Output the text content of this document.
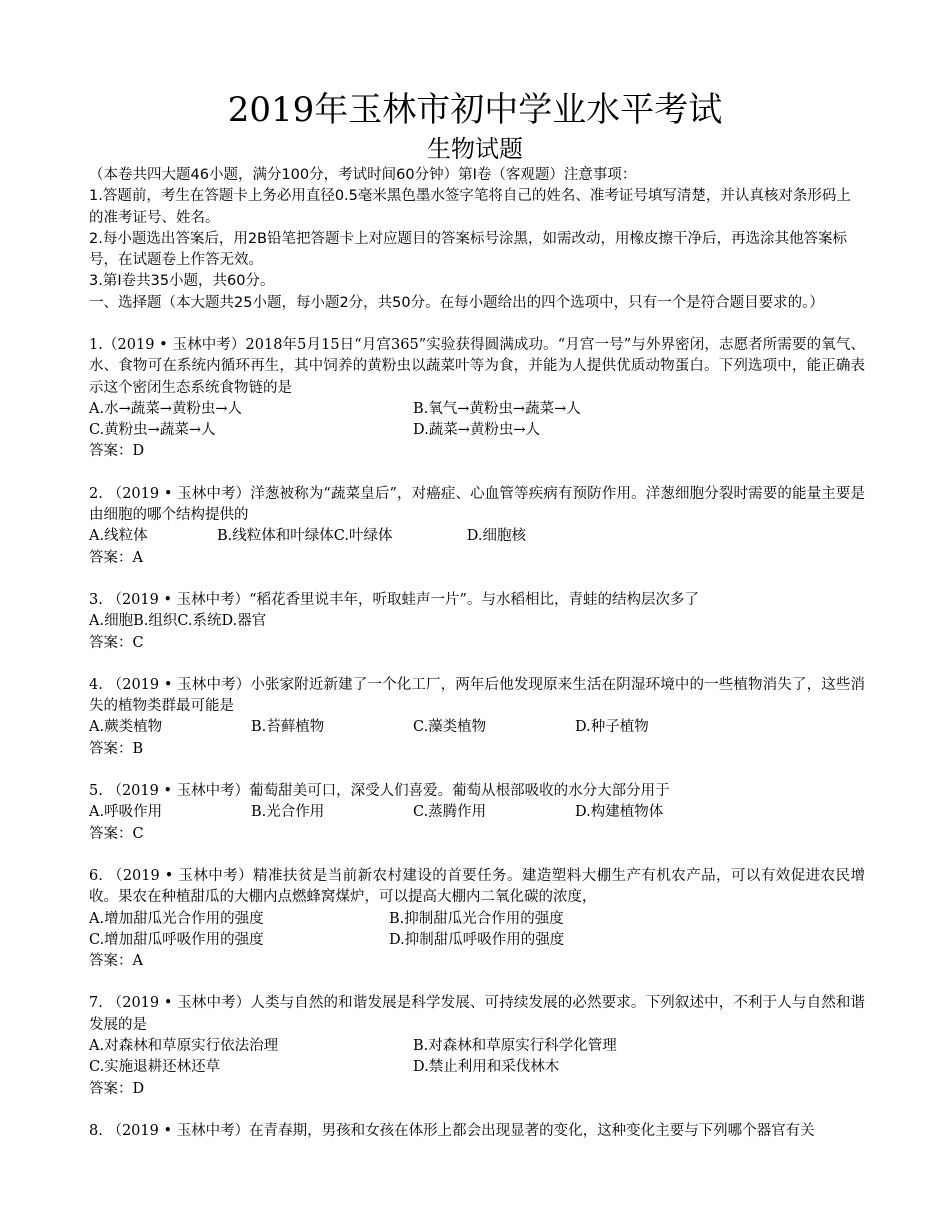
2019年玉林市初中学业水平考试
生物试题
（本卷共四大题46小题，满分100分，考试时间60分钟）第Ⅰ卷（客观题）注意事项：
1.答题前，考生在答题卡上务必用直径0.5毫米黑色墨水签字笔将自己的姓名、准考证号填写清楚，并认真核对条形码上的准考证号、姓名。
2.每小题选出答案后，用2B铅笔把答题卡上对应题目的答案标号涂黑，如需改动，用橡皮擦干净后，再选涂其他答案标号，在试题卷上作答无效。
3.第Ⅰ卷共35小题，共60分。
一、选择题（本大题共25小题，每小题2分，共50分。在每小题给出的四个选项中，只有一个是符合题目要求的。）
1.（2019 • 玉林中考）2018年5月15日“月宫365”实验获得圆满成功。“月宫一号”与外界密闭，志愿者所需要的氧气、水、食物可在系统内循环再生，其中饲养的黄粉虫以蔬菜叶等为食，并能为人提供优质动物蛋白。下列选项中，能正确表示这个密闭生态系统食物链的是
A.水→蔬菜→黄粉虫→人	B.氧气→黄粉虫→蔬菜→人
C.黄粉虫→蔬菜→人	D.蔬菜→黄粉虫→人
答案：D
2. （2019 • 玉林中考）洋葱被称为“蔬菜皇后”，对癌症、心血管等疾病有预防作用。洋葱细胞分裂时需要的能量主要是由细胞的哪个结构提供的
A.线粒体	B.线粒体和叶绿体 C.叶绿体	D.细胞核
答案：A
3. （2019 • 玉林中考）“稻花香里说丰年，听取蛙声一片”。与水稻相比，青蛙的结构层次多了
A.细胞B.组织C.系统D.器官
答案：C
4. （2019 • 玉林中考）小张家附近新建了一个化工厂，两年后他发现原来生活在阴湿环境中的一些植物消失了，这些消失的植物类群最可能是
A.蕨类植物	B.苔藓植物	C.藻类植物	D.种子植物
答案：B
5. （2019 • 玉林中考）葡萄甜美可口，深受人们喜爱。葡萄从根部吸收的水分大部分用于
A.呼吸作用	B.光合作用	C.蒸腾作用	D.构建植物体
答案：C
6. （2019 • 玉林中考）精准扶贫是当前新农村建设的首要任务。建造塑料大棚生产有机农产品，可以有效促进农民增收。果农在种植甜瓜的大棚内点燃蜂窝煤炉，可以提高大棚内二氧化碳的浓度，
A.增加甜瓜光合作用的强度	B.抑制甜瓜光合作用的强度
C.增加甜瓜呼吸作用的强度	D.抑制甜瓜呼吸作用的强度
答案：A
7. （2019 • 玉林中考）人类与自然的和谐发展是科学发展、可持续发展的必然要求。下列叙述中，不利于人与自然和谐发展的是
A.对森林和草原实行依法治理	B.对森林和草原实行科学化管理
C.实施退耕还林还草	D.禁止利用和采伐林木
答案：D
8. （2019 • 玉林中考）在青春期，男孩和女孩在体形上都会出现显著的变化，这种变化主要与下列哪个器官有关
